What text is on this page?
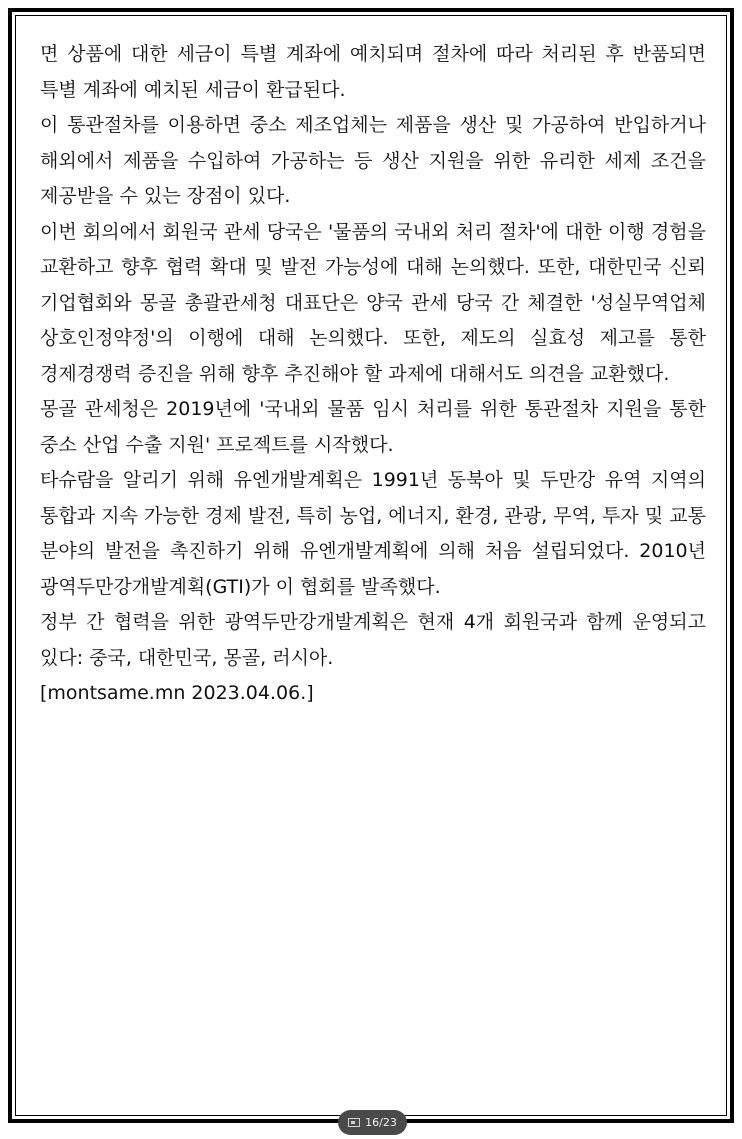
면 상품에 대한 세금이 특별 계좌에 예치되며 절차에 따라 처리된 후 반품되면 특별 계좌에 예치된 세금이 환급된다.

이 통관절차를 이용하면 중소 제조업체는 제품을 생산 및 가공하여 반입하거나 해외에서 제품을 수입하여 가공하는 등 생산 지원을 위한 유리한 세제 조건을 제공받을 수 있는 장점이 있다.

이번 회의에서 회원국 관세 당국은 '물품의 국내외 처리 절차'에 대한 이행 경험을 교환하고 향후 협력 확대 및 발전 가능성에 대해 논의했다. 또한, 대한민국 신뢰 기업협회와 몽골 총괄관세청 대표단은 양국 관세 당국 간 체결한 '성실무역업체 상호인정약정'의 이행에 대해 논의했다. 또한, 제도의 실효성 제고를 통한 경제경쟁력 증진을 위해 향후 추진해야 할 과제에 대해서도 의견을 교환했다.

몽골 관세청은 2019년에 '국내외 물품 임시 처리를 위한 통관절차 지원을 통한 중소 산업 수출 지원' 프로젝트를 시작했다.

타슈람을 알리기 위해 유엔개발계획은 1991년 동북아 및 두만강 유역 지역의 통합과 지속 가능한 경제 발전, 특히 농업, 에너지, 환경, 관광, 무역, 투자 및 교통 분야의 발전을 촉진하기 위해 유엔개발계획에 의해 처음 설립되었다. 2010년 광역두만강개발계획(GTI)가 이 협회를 발족했다.

정부 간 협력을 위한 광역두만강개발계획은 현재 4개 회원국과 함께 운영되고 있다: 중국, 대한민국, 몽골, 러시아.

[montsame.mn 2023.04.06.]

16/23
